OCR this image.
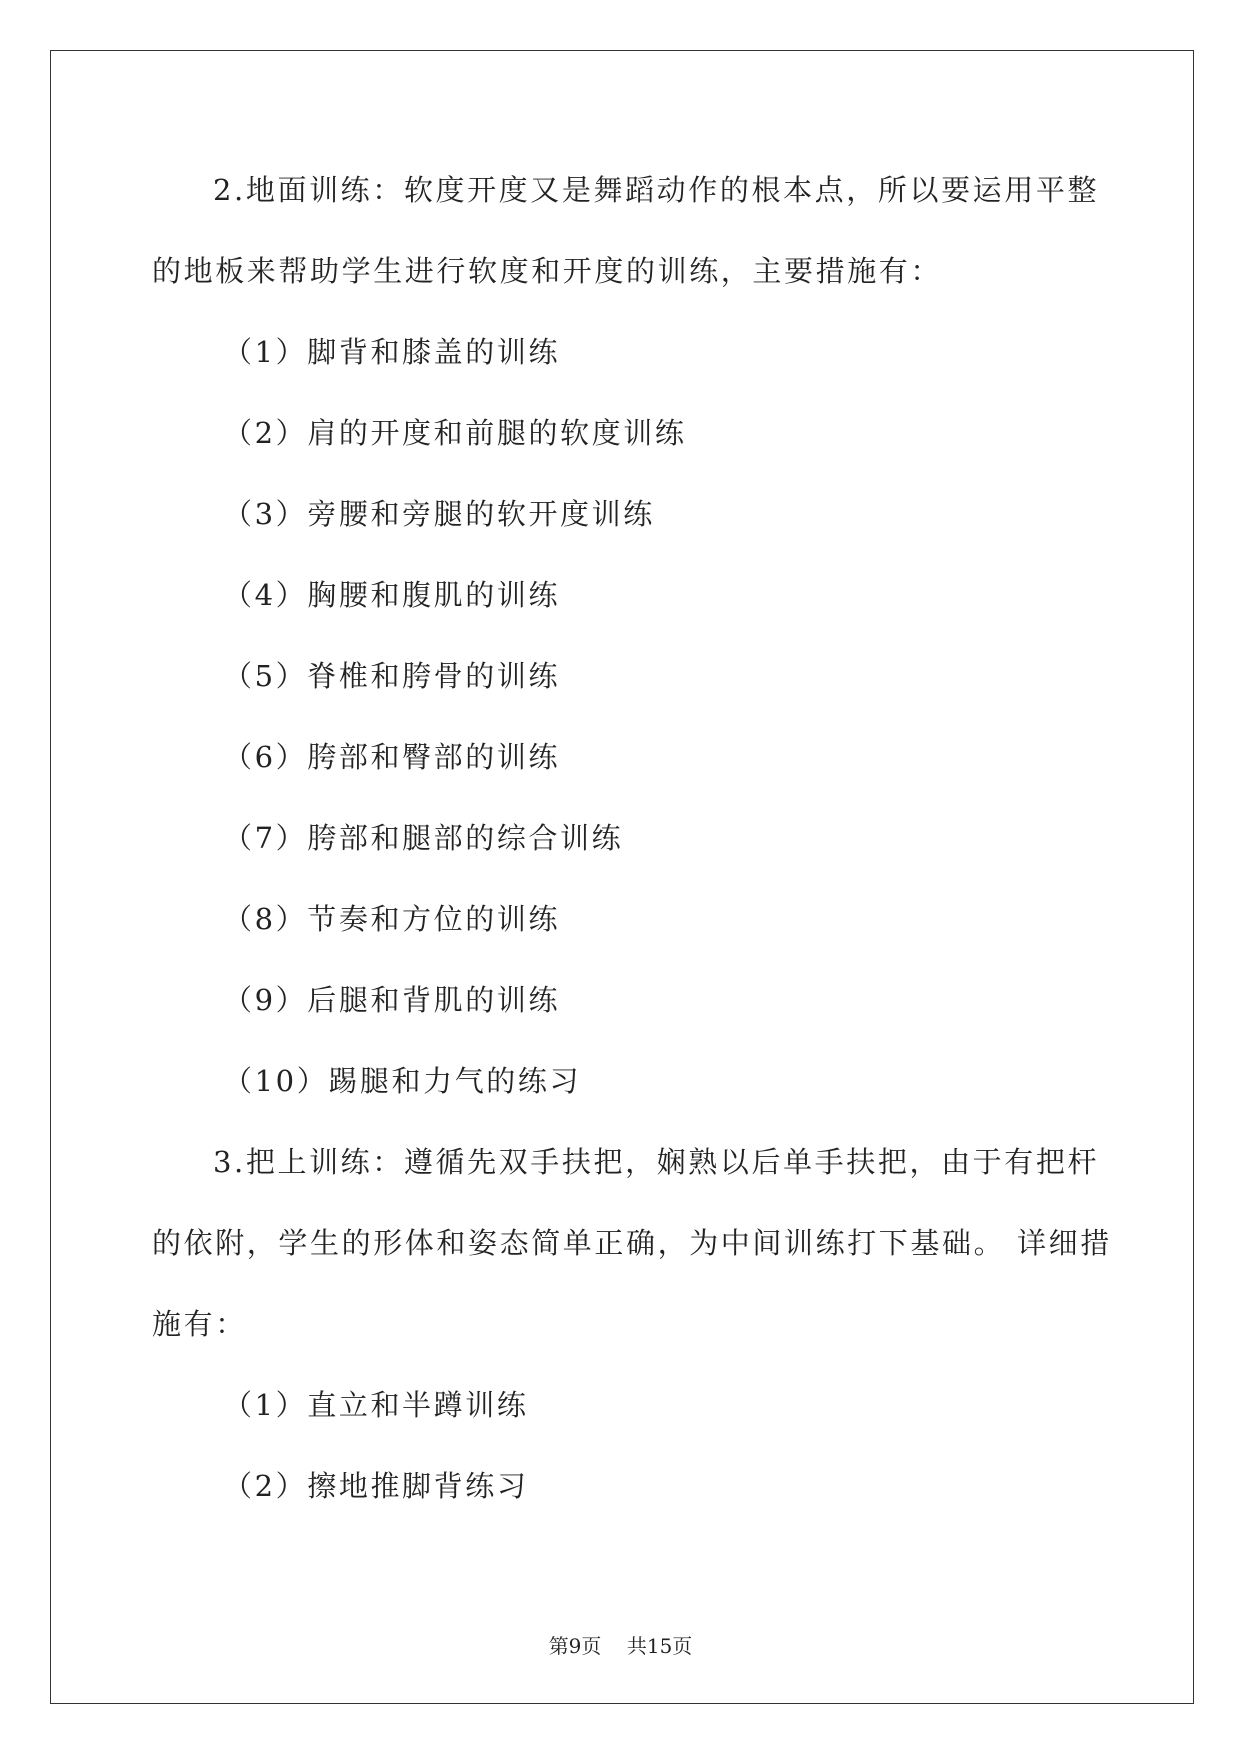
2.地面训练：软度开度又是舞蹈动作的根本点，所以要运用平整
的地板来帮助学生进行软度和开度的训练，主要措施有：
（1）脚背和膝盖的训练
（2）肩的开度和前腿的软度训练
（3）旁腰和旁腿的软开度训练
（4）胸腰和腹肌的训练
（5）脊椎和胯骨的训练
（6）胯部和臀部的训练
（7）胯部和腿部的综合训练
（8）节奏和方位的训练
（9）后腿和背肌的训练
（10）踢腿和力气的练习
3.把上训练：遵循先双手扶把，娴熟以后单手扶把，由于有把杆
的依附，学生的形体和姿态简单正确，为中间训练打下基础。 详细措
施有：
（1）直立和半蹲训练
（2）擦地推脚背练习
第9页 共15页
